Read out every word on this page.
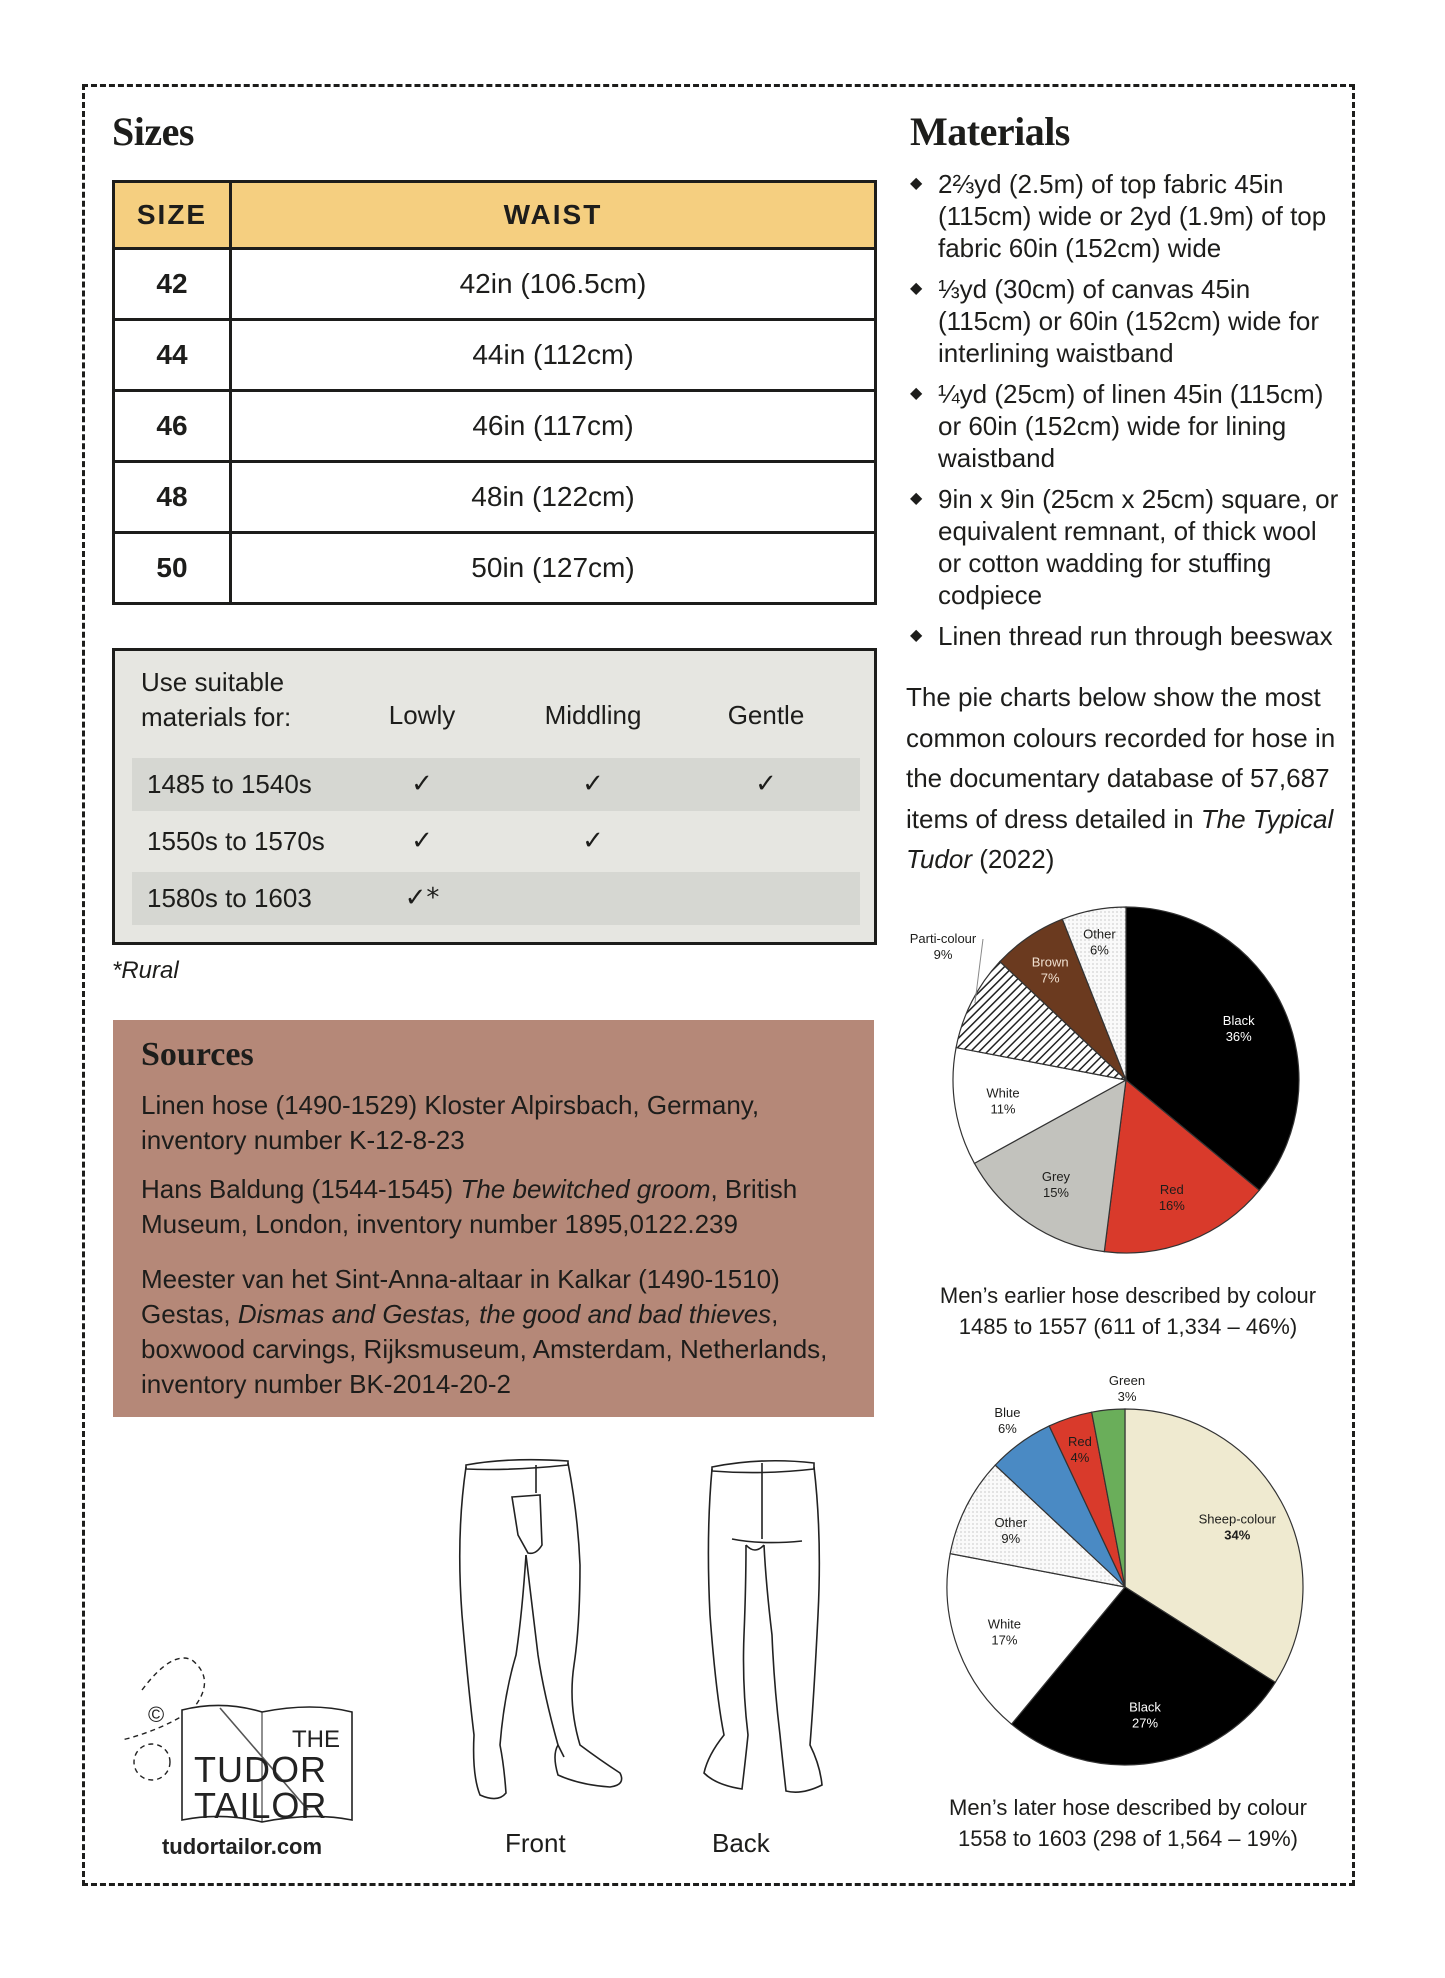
Sizes
SIZE	WAIST
42	42in (106.5cm)
44	44in (112cm)
46	46in (117cm)
48	48in (122cm)
50	50in (127cm)
Use suitable
materials for:	Lowly	Middling	Gentle
1485 to 1540s	✓	✓	✓
1550s to 1570s	✓	✓
1580s to 1603	✓*
*Rural
Sources

Linen hose (1490-1529) Kloster Alpirsbach, Germany, inventory number K-12-8-23

Hans Baldung (1544-1545) The bewitched groom, British Museum, London, inventory number 1895,0122.239

Meester van het Sint-Anna-altaar in Kalkar (1490-1510) Gestas, Dismas and Gestas, the good and bad thieves, boxwood carvings, Rijksmuseum, Amsterdam, Netherlands, inventory number BK-2014-20-2

Front	Back
©
THE
TUDOR
TAILOR
tudortailor.com
Materials
◆ 2⅔yd (2.5m) of top fabric 45in (115cm) wide or 2yd (1.9m) of top fabric 60in (152cm) wide
◆ ⅓yd (30cm) of canvas 45in (115cm) or 60in (152cm) wide for interlining waistband
◆ ¼yd (25cm) of linen 45in (115cm) or 60in (152cm) wide for lining waistband
◆ 9in x 9in (25cm x 25cm) square, or equivalent remnant, of thick wool or cotton wadding for stuffing codpiece
◆ Linen thread run through beeswax
The pie charts below show the most common colours recorded for hose in the documentary database of 57,687 items of dress detailed in The Typical Tudor (2022)
Black
36%
Red
16%
Grey
15%
White
11%
Parti-colour
9%	Brown
7%
Other
6%
Men’s earlier hose described by colour
1485 to 1557 (611 of 1,334 – 46%)
Sheep-colour
34%
Black
27%
White
17%
Other
9%
Blue
6%
Red
4%
Green
3%
Men’s later hose described by colour
1558 to 1603 (298 of 1,564 – 19%)
